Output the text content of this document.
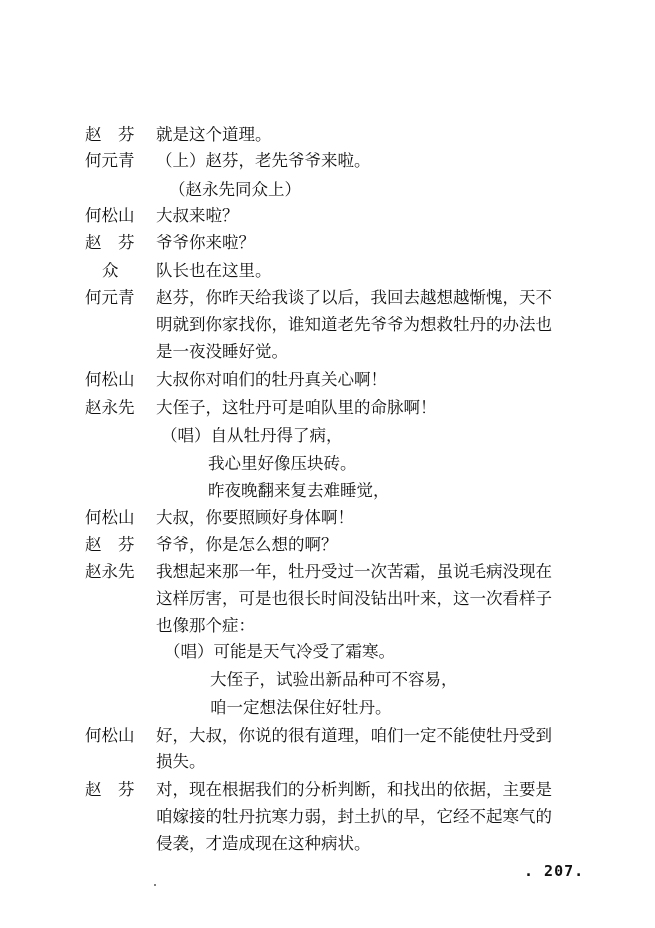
赵　芬 就是这个道理。
何元青 （上）赵芬，老先爷爷来啦。
（赵永先同众上）
何松山 大叔来啦？
赵　芬 爷爷你来啦？
众 队长也在这里。
何元青 赵芬，你昨天给我谈了以后，我回去越想越惭愧，天不
明就到你家找你，谁知道老先爷爷为想救牡丹的办法也
是一夜没睡好觉。
何松山 大叔你对咱们的牡丹真关心啊！
赵永先 大侄子，这牡丹可是咱队里的命脉啊！
（唱）自从牡丹得了病，
我心里好像压块砖。
昨夜晚翻来复去难睡觉，
何松山 大叔，你要照顾好身体啊！
赵　芬 爷爷，你是怎么想的啊？
赵永先 我想起来那一年，牡丹受过一次苦霜，虽说毛病没现在
这样厉害，可是也很长时间没钻出叶来，这一次看样子
也像那个症：
（唱）可能是天气冷受了霜寒。
大侄子，试验出新品种可不容易，
咱一定想法保住好牡丹。
何松山 好，大叔，你说的很有道理，咱们一定不能使牡丹受到
损失。
赵　芬 对，现在根据我们的分析判断，和找出的依据，主要是
咱嫁接的牡丹抗寒力弱，封土扒的早，它经不起寒气的
侵袭，才造成现在这种病状。
. 207.
